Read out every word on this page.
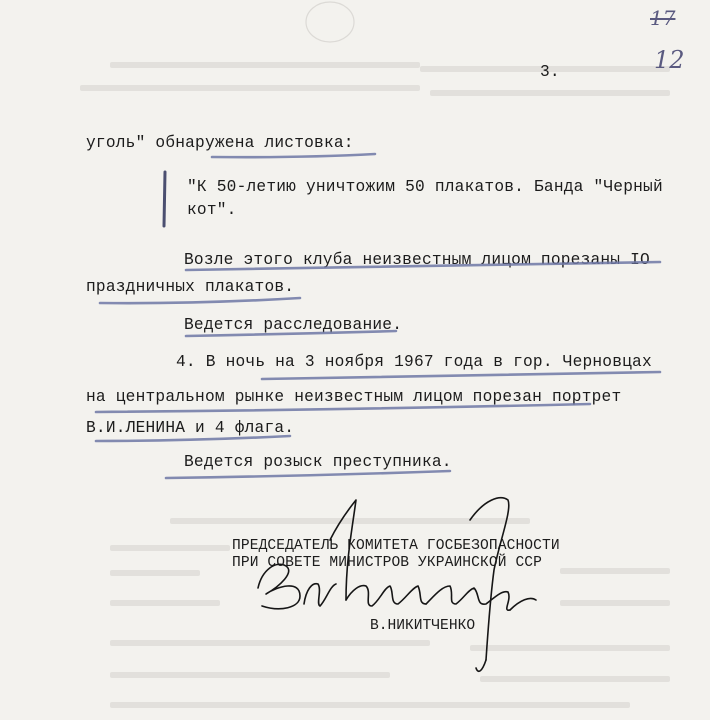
17
12
3.
уголь" обнаружена листовка:
"К 50-летию уничтожим 50 плакатов. Банда "Черный
кот".
Возле этого клуба неизвестным лицом порезаны IO
праздничных плакатов.
Ведется расследование.
4. В ночь на 3 ноября 1967 года в гор. Черновцах
на центральном рынке неизвестным лицом порезан портрет
В.И.ЛЕНИНА и 4 флага.
Ведется розыск преступника.
ПРЕДСЕДАТЕЛЬ КОМИТЕТА ГОСБЕЗОПАСНОСТИ
ПРИ СОВЕТЕ МИНИСТРОВ УКРАИНСКОЙ ССР
В.НИКИТЧЕНКО
